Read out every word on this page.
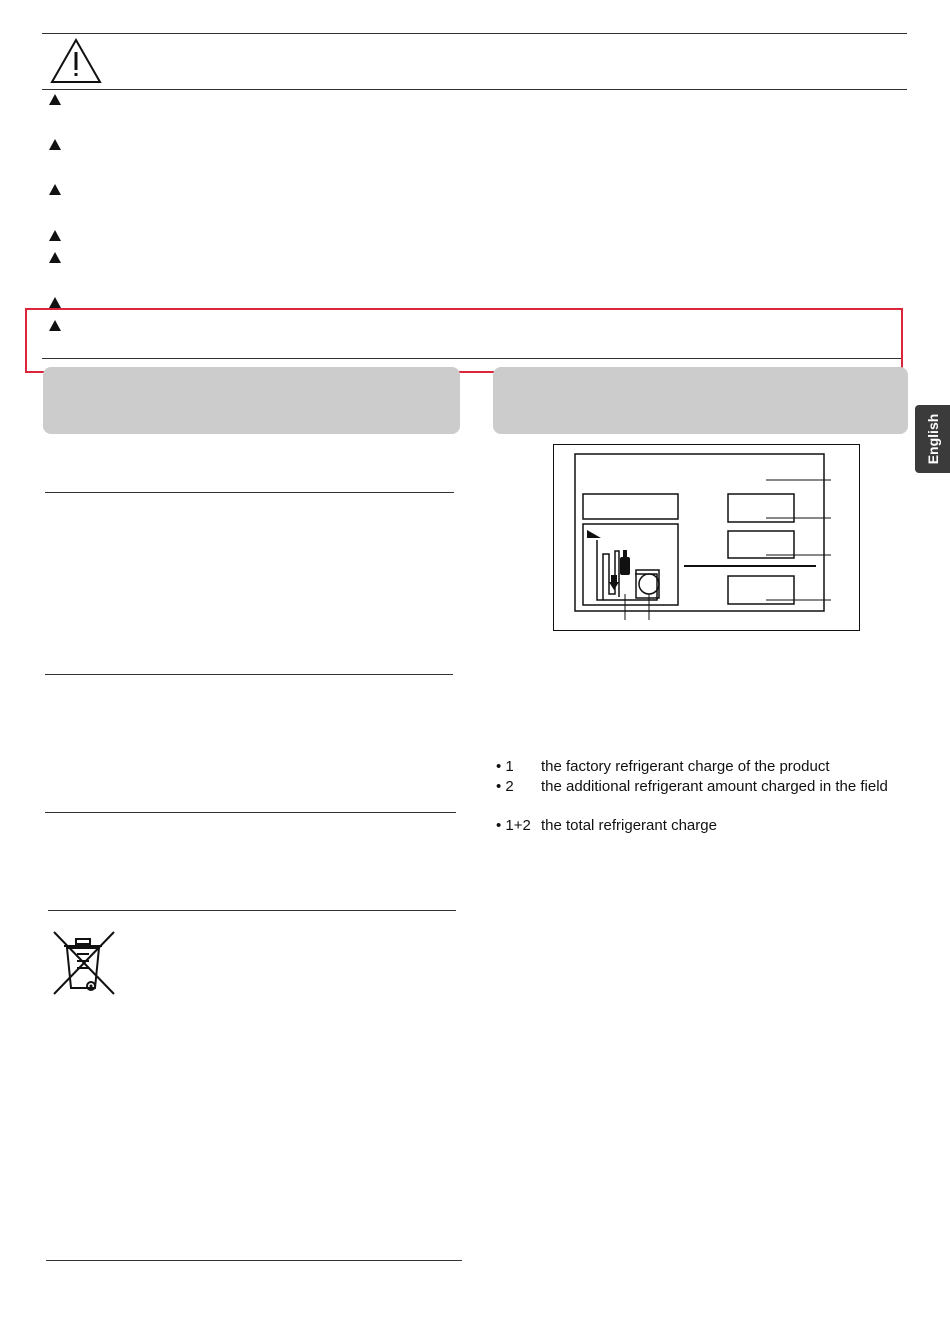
English
• 1 the factory refrigerant charge of the product
• 2 the additional refrigerant amount charged in the field
• 1+2 the total refrigerant charge
